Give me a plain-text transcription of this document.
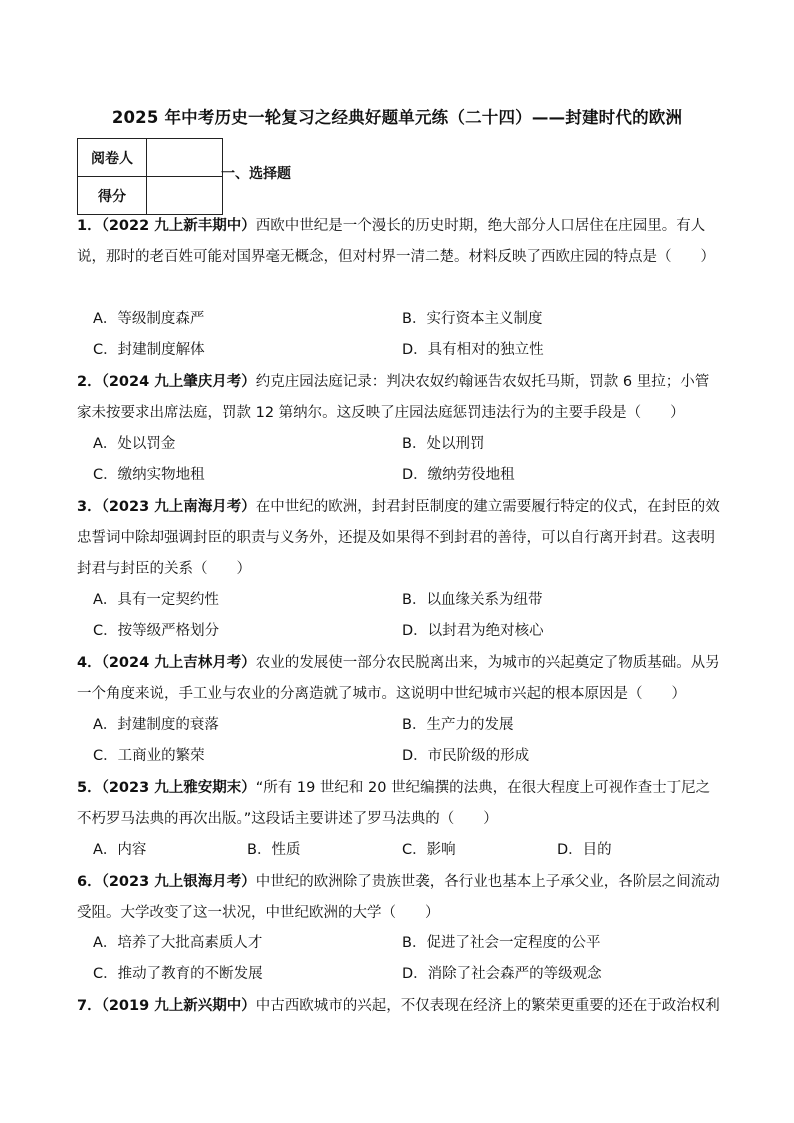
2025 年中考历史一轮复习之经典好题单元练（二十四）——封建时代的欧洲
阅卷人	
得分	
一、选择题
1．（2022 九上新丰期中）西欧中世纪是一个漫长的历史时期，绝大部分人口居住在庄园里。有人说，那时的老百姓可能对国界毫无概念，但对村界一清二楚。材料反映了西欧庄园的特点是（　　）
A．等级制度森严	B．实行资本主义制度
C．封建制度解体	D．具有相对的独立性
2．（2024 九上肇庆月考）约克庄园法庭记录：判决农奴约翰诬告农奴托马斯，罚款 6 里拉；小管家未按要求出席法庭，罚款 12 第纳尔。这反映了庄园法庭惩罚违法行为的主要手段是（　　）
A．处以罚金	B．处以刑罚
C．缴纳实物地租	D．缴纳劳役地租
3．（2023 九上南海月考）在中世纪的欧洲，封君封臣制度的建立需要履行特定的仪式，在封臣的效忠誓词中除却强调封臣的职责与义务外，还提及如果得不到封君的善待，可以自行离开封君。这表明封君与封臣的关系（　　）
A．具有一定契约性	B．以血缘关系为纽带
C．按等级严格划分	D．以封君为绝对核心
4．（2024 九上吉林月考）农业的发展使一部分农民脱离出来，为城市的兴起奠定了物质基础。从另一个角度来说，手工业与农业的分离造就了城市。这说明中世纪城市兴起的根本原因是（　　）
A．封建制度的衰落	B．生产力的发展
C．工商业的繁荣	D．市民阶级的形成
5．（2023 九上雅安期末）“所有 19 世纪和 20 世纪编撰的法典，在很大程度上可视作查士丁尼之不朽罗马法典的再次出版。”这段话主要讲述了罗马法典的（　　）
A．内容	B．性质	C．影响	D．目的
6．（2023 九上银海月考）中世纪的欧洲除了贵族世袭，各行业也基本上子承父业，各阶层之间流动受阻。大学改变了这一状况，中世纪欧洲的大学（　　）
A．培养了大批高素质人才	B．促进了社会一定程度的公平
C．推动了教育的不断发展	D．消除了社会森严的等级观念
7．（2019 九上新兴期中）中古西欧城市的兴起，不仅表现在经济上的繁荣更重要的还在于政治权利
